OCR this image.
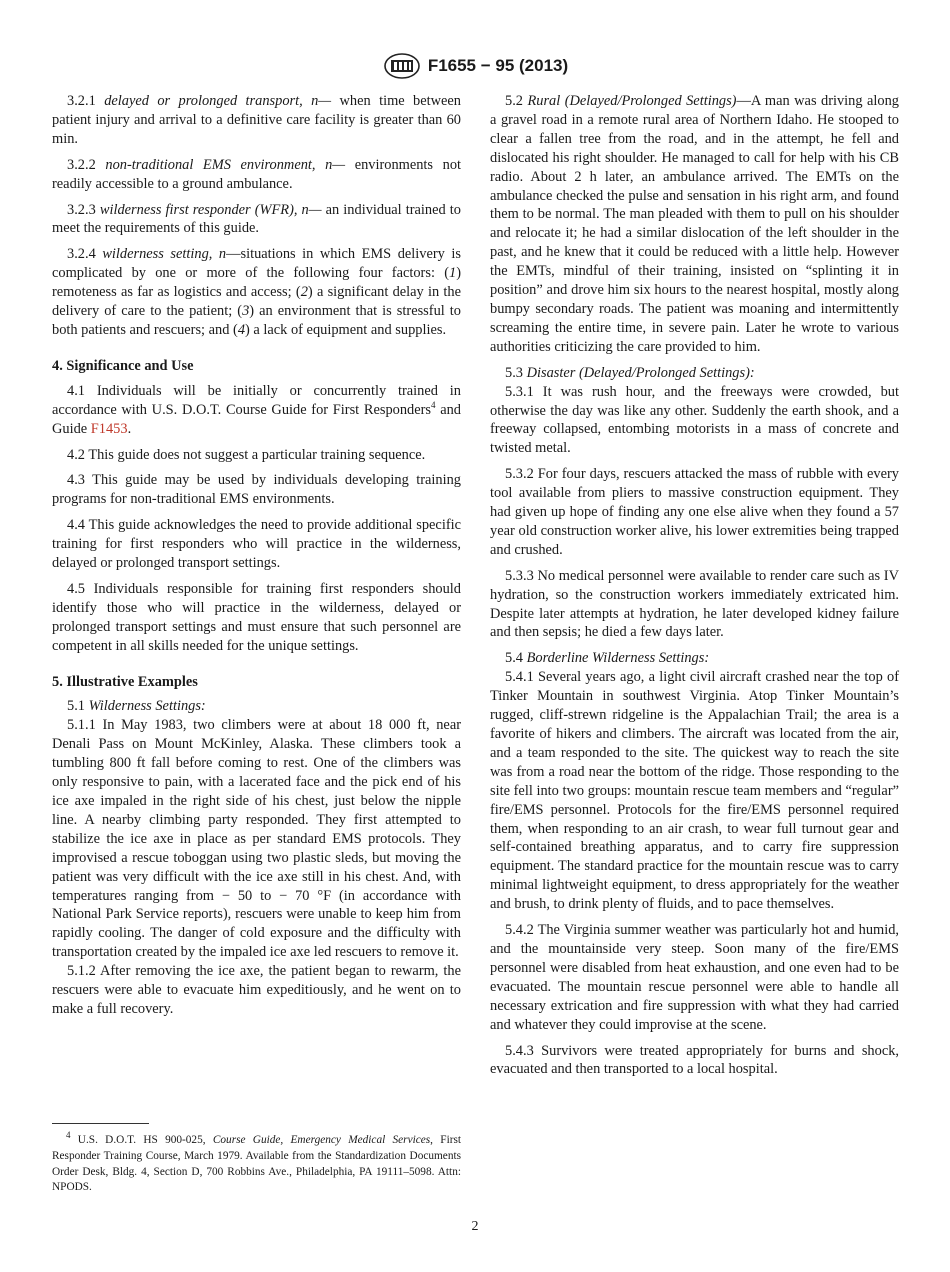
F1655 − 95 (2013)

3.2.1 delayed or prolonged transport, n— when time between patient injury and arrival to a definitive care facility is greater than 60 min.

3.2.2 non-traditional EMS environment, n— environments not readily accessible to a ground ambulance.

3.2.3 wilderness first responder (WFR), n— an individual trained to meet the requirements of this guide.

3.2.4 wilderness setting, n—situations in which EMS delivery is complicated by one or more of the following four factors: (1) remoteness as far as logistics and access; (2) a significant delay in the delivery of care to the patient; (3) an environment that is stressful to both patients and rescuers; and (4) a lack of equipment and supplies.

4. Significance and Use

4.1 Individuals will be initially or concurrently trained in accordance with U.S. D.O.T. Course Guide for First Responders$^4$ and Guide F1453.

4.2 This guide does not suggest a particular training sequence.

4.3 This guide may be used by individuals developing training programs for non-traditional EMS environments.

4.4 This guide acknowledges the need to provide additional specific training for first responders who will practice in the wilderness, delayed or prolonged transport settings.

4.5 Individuals responsible for training first responders should identify those who will practice in the wilderness, delayed or prolonged transport settings and must ensure that such personnel are competent in all skills needed for the unique settings.

5. Illustrative Examples

5.1 Wilderness Settings:

5.1.1 In May 1983, two climbers were at about 18 000 ft, near Denali Pass on Mount McKinley, Alaska. These climbers took a tumbling 800 ft fall before coming to rest. One of the climbers was only responsive to pain, with a lacerated face and the pick end of his ice axe impaled in the right side of his chest, just below the nipple line. A nearby climbing party responded. They first attempted to stabilize the ice axe in place as per standard EMS protocols. They improvised a rescue toboggan using two plastic sleds, but moving the patient was very difficult with the ice axe still in his chest. And, with temperatures ranging from − 50 to − 70 °F (in accordance with National Park Service reports), rescuers were unable to keep him from rapidly cooling. The danger of cold exposure and the difficulty with transportation created by the impaled ice axe led rescuers to remove it.

5.1.2 After removing the ice axe, the patient began to rewarm, the rescuers were able to evacuate him expeditiously, and he went on to make a full recovery.

$^4$ U.S. D.O.T. HS 900-025, Course Guide, Emergency Medical Services, First Responder Training Course, March 1979. Available from the Standardization Documents Order Desk, Bldg. 4, Section D, 700 Robbins Ave., Philadelphia, PA 19111–5098. Attn: NPODS.

5.2 Rural (Delayed/Prolonged Settings)—A man was driving along a gravel road in a remote rural area of Northern Idaho. He stooped to clear a fallen tree from the road, and in the attempt, he fell and dislocated his right shoulder. He managed to call for help with his CB radio. About 2 h later, an ambulance arrived. The EMTs on the ambulance checked the pulse and sensation in his right arm, and found them to be normal. The man pleaded with them to pull on his shoulder and relocate it; he had a similar dislocation of the left shoulder in the past, and he knew that it could be reduced with a little help. However the EMTs, mindful of their training, insisted on “splinting it in position” and drove him six hours to the nearest hospital, mostly along bumpy secondary roads. The patient was moaning and intermittently screaming the entire time, in severe pain. Later he wrote to various authorities criticizing the care provided to him.

5.3 Disaster (Delayed/Prolonged Settings):

5.3.1 It was rush hour, and the freeways were crowded, but otherwise the day was like any other. Suddenly the earth shook, and a freeway collapsed, entombing motorists in a mass of concrete and twisted metal.

5.3.2 For four days, rescuers attacked the mass of rubble with every tool available from pliers to massive construction equipment. They had given up hope of finding any one else alive when they found a 57 year old construction worker alive, his lower extremities being trapped and crushed.

5.3.3 No medical personnel were available to render care such as IV hydration, so the construction workers immediately extricated him. Despite later attempts at hydration, he later developed kidney failure and then sepsis; he died a few days later.

5.4 Borderline Wilderness Settings:

5.4.1 Several years ago, a light civil aircraft crashed near the top of Tinker Mountain in southwest Virginia. Atop Tinker Mountain’s rugged, cliff-strewn ridgeline is the Appalachian Trail; the area is a favorite of hikers and climbers. The aircraft was located from the air, and a team responded to the site. The quickest way to reach the site was from a road near the bottom of the ridge. Those responding to the site fell into two groups: mountain rescue team members and “regular” fire/EMS personnel. Protocols for the fire/EMS personnel required them, when responding to an air crash, to wear full turnout gear and self-contained breathing apparatus, and to carry fire suppression equipment. The standard practice for the mountain rescue was to carry minimal lightweight equipment, to dress appropriately for the weather and brush, to drink plenty of fluids, and to pace themselves.

5.4.2 The Virginia summer weather was particularly hot and humid, and the mountainside very steep. Soon many of the fire/EMS personnel were disabled from heat exhaustion, and one even had to be evacuated. The mountain rescue personnel were able to handle all necessary extrication and fire suppression with what they had carried and whatever they could improvise at the scene.

5.4.3 Survivors were treated appropriately for burns and shock, evacuated and then transported to a local hospital.

2
